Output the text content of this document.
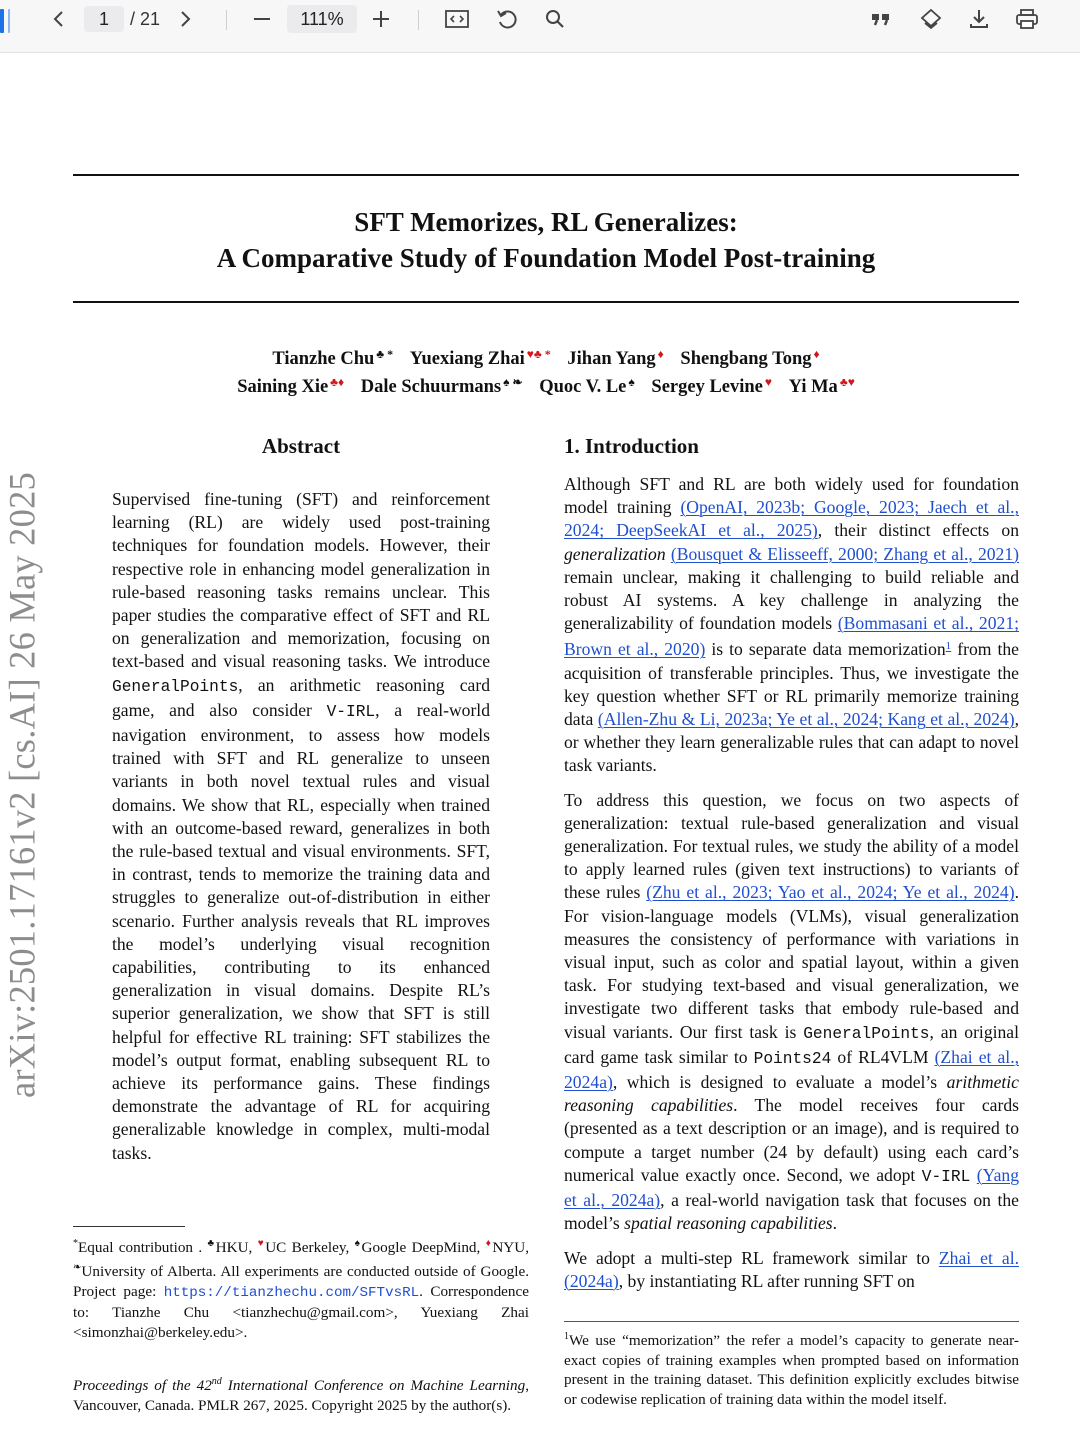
1	/ 21	111%
arXiv:2501.17161v2 [cs.AI] 26 May 2025
SFT Memorizes, RL Generalizes:
A Comparative Study of Foundation Model Post-training
Tianzhe Chu ♣ * Yuexiang Zhai ♥♣ * Jihan Yang ♦ Shengbang Tong ♦
Saining Xie ♣♦ Dale Schuurmans ♠ ❧ Quoc V. Le ♠ Sergey Levine ♥ Yi Ma ♣♥
Abstract

Supervised fine-tuning (SFT) and reinforcement learning (RL) are widely used post-training techniques for foundation models. However, their respective role in enhancing model generalization in rule-based reasoning tasks remains unclear. This paper studies the comparative effect of SFT and RL on generalization and memorization, focusing on text-based and visual reasoning tasks. We introduce GeneralPoints, an arithmetic reasoning card game, and also consider V-IRL, a real-world navigation environment, to assess how models trained with SFT and RL generalize to unseen variants in both novel textual rules and visual domains. We show that RL, especially when trained with an outcome-based reward, generalizes in both the rule-based textual and visual environments. SFT, in contrast, tends to memorize the training data and struggles to generalize out-of-distribution in either scenario. Further analysis reveals that RL improves the model’s underlying visual recognition capabilities, contributing to its enhanced generalization in visual domains. Despite RL’s superior generalization, we show that SFT is still helpful for effective RL training: SFT stabilizes the model’s output format, enabling subsequent RL to achieve its performance gains. These findings demonstrate the advantage of RL for acquiring generalizable knowledge in complex, multi-modal tasks.

1. Introduction

Although SFT and RL are both widely used for foundation model training (OpenAI, 2023b; Google, 2023; Jaech et al., 2024; DeepSeekAI et al., 2025), their distinct effects on generalization (Bousquet & Elisseeff, 2000; Zhang et al., 2021) remain unclear, making it challenging to build reliable and robust AI systems. A key challenge in analyzing the generalizability of foundation models (Bommasani et al., 2021; Brown et al., 2020) is to separate data memorization$^1$ from the acquisition of transferable principles. Thus, we investigate the key question whether SFT or RL primarily memorize training data (Allen-Zhu & Li, 2023a; Ye et al., 2024; Kang et al., 2024), or whether they learn generalizable rules that can adapt to novel task variants.

To address this question, we focus on two aspects of generalization: textual rule-based generalization and visual generalization. For textual rules, we study the ability of a model to apply learned rules (given text instructions) to variants of these rules (Zhu et al., 2023; Yao et al., 2024; Ye et al., 2024). For vision-language models (VLMs), visual generalization measures the consistency of performance with variations in visual input, such as color and spatial layout, within a given task. For studying text-based and visual generalization, we investigate two different tasks that embody rule-based and visual variants. Our first task is GeneralPoints, an original card game task similar to Points24 of RL4VLM (Zhai et al., 2024a), which is designed to evaluate a model’s arithmetic reasoning capabilities. The model receives four cards (presented as a text description or an image), and is required to compute a target number (24 by default) using each card’s numerical value exactly once. Second, we adopt V-IRL (Yang et al., 2024a), a real-world navigation task that focuses on the model’s spatial reasoning capabilities.

We adopt a multi-step RL framework similar to Zhai et al. (2024a), by instantiating RL after running SFT on

*Equal contribution . ♣HKU, ♥UC Berkeley, ♠Google DeepMind, ♦NYU, ❧University of Alberta. All experiments are conducted outside of Google. Project page: https://tianzhechu.com/SFTvsRL. Correspondence to: Tianzhe Chu <tianzhechu@gmail.com>, Yuexiang Zhai <simonzhai@berkeley.edu>.
Proceedings of the 42nd International Conference on Machine Learning, Vancouver, Canada. PMLR 267, 2025. Copyright 2025 by the author(s).
$^1$We use “memorization” the refer a model’s capacity to generate near-exact copies of training examples when prompted based on information present in the training dataset. This definition explicitly excludes bitwise or codewise replication of training data within the model itself.
